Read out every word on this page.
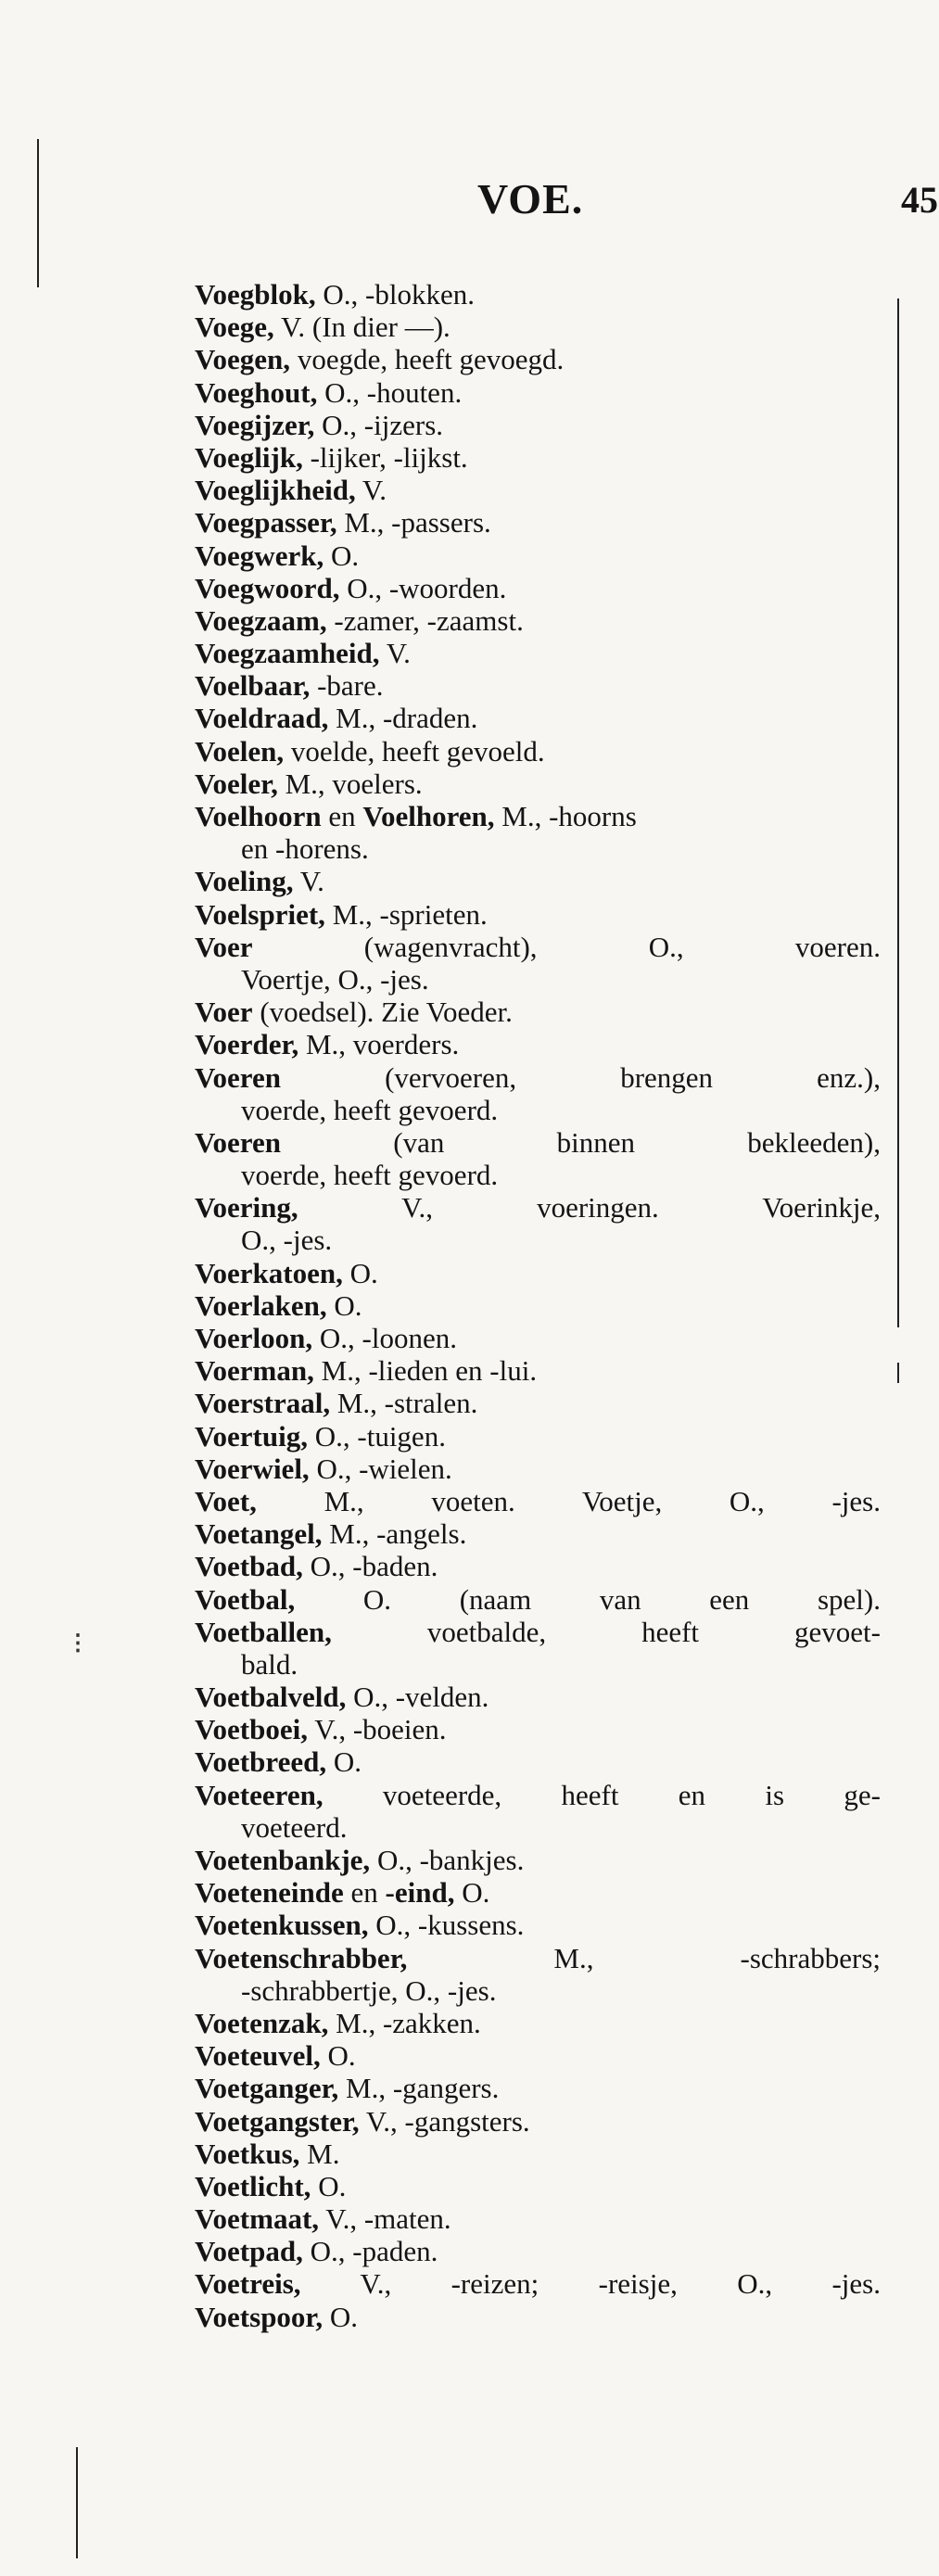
VOE.	45
⋮
Voegblok, O., -blokken.
Voege, V. (In dier —).
Voegen, voegde, heeft gevoegd.
Voeghout, O., -houten.
Voegijzer, O., -ijzers.
Voeglijk, -lijker, -lijkst.
Voeglijkheid, V.
Voegpasser, M., -passers.
Voegwerk, O.
Voegwoord, O., -woorden.
Voegzaam, -zamer, -zaamst.
Voegzaamheid, V.
Voelbaar, -bare.
Voeldraad, M., -draden.
Voelen, voelde, heeft gevoeld.
Voeler, M., voelers.
Voelhoorn en Voelhoren, M., -hoorns
en -horens.
Voeling, V.
Voelspriet, M., -sprieten.
Voer (wagenvracht), O., voeren.
Voertje, O., -jes.
Voer (voedsel). Zie Voeder.
Voerder, M., voerders.
Voeren (vervoeren, brengen enz.),
voerde, heeft gevoerd.
Voeren (van binnen bekleeden),
voerde, heeft gevoerd.
Voering, V., voeringen. Voerinkje,
O., -jes.
Voerkatoen, O.
Voerlaken, O.
Voerloon, O., -loonen.
Voerman, M., -lieden en -lui.
Voerstraal, M., -stralen.
Voertuig, O., -tuigen.
Voerwiel, O., -wielen.
Voet, M., voeten. Voetje, O., -jes.
Voetangel, M., -angels.
Voetbad, O., -baden.
Voetbal, O. (naam van een spel).
Voetballen, voetbalde, heeft gevoet-
bald.
Voetbalveld, O., -velden.
Voetboei, V., -boeien.
Voetbreed, O.
Voeteeren, voeteerde, heeft en is ge-
voeteerd.
Voetenbankje, O., -bankjes.
Voeteneinde en -eind, O.
Voetenkussen, O., -kussens.
Voetenschrabber, M., -schrabbers;
-schrabbertje, O., -jes.
Voetenzak, M., -zakken.
Voeteuvel, O.
Voetganger, M., -gangers.
Voetgangster, V., -gangsters.
Voetkus, M.
Voetlicht, O.
Voetmaat, V., -maten.
Voetpad, O., -paden.
Voetreis, V., -reizen; -reisje, O., -jes.
Voetspoor, O.
